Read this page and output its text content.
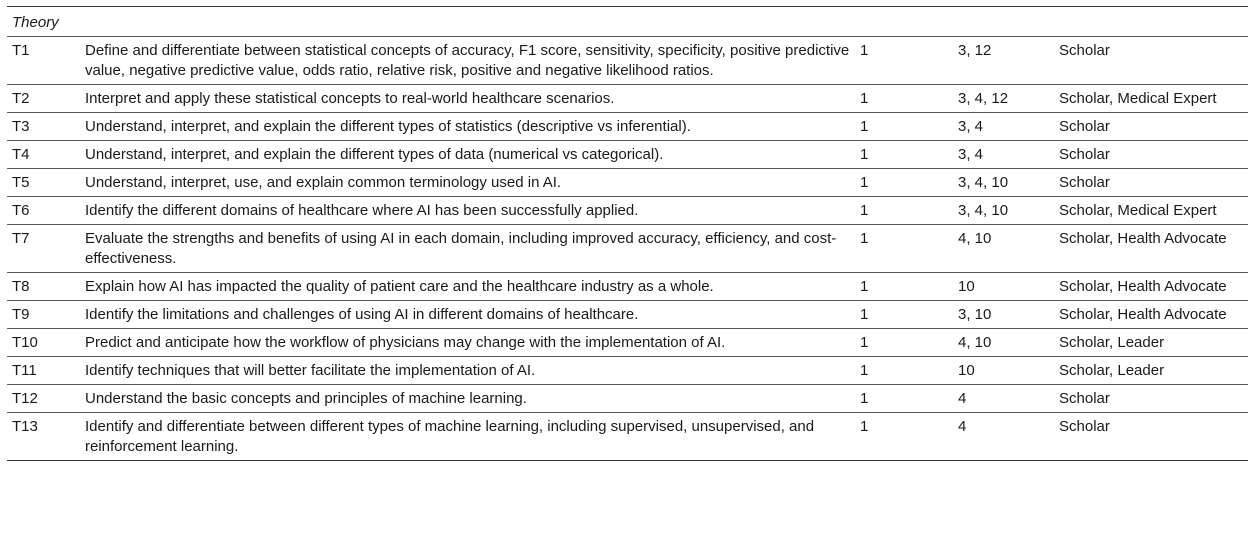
Theory				
T1	Define and differentiate between statistical concepts of accuracy, F1 score, sensitivity, specificity, positive predictive value, negative predictive value, odds ratio, relative risk, positive and negative likelihood ratios.	1	3, 12	Scholar
T2	Interpret and apply these statistical concepts to real-world healthcare scenarios.	1	3, 4, 12	Scholar, Medical Expert
T3	Understand, interpret, and explain the different types of statistics (descriptive vs inferential).	1	3, 4	Scholar
T4	Understand, interpret, and explain the different types of data (numerical vs categorical).	1	3, 4	Scholar
T5	Understand, interpret, use, and explain common terminology used in AI.	1	3, 4, 10	Scholar
T6	Identify the different domains of healthcare where AI has been successfully applied.	1	3, 4, 10	Scholar, Medical Expert
T7	Evaluate the strengths and benefits of using AI in each domain, including improved accuracy, efficiency, and cost-effectiveness.	1	4, 10	Scholar, Health Advocate
T8	Explain how AI has impacted the quality of patient care and the healthcare industry as a whole.	1	10	Scholar, Health Advocate
T9	Identify the limitations and challenges of using AI in different domains of healthcare.	1	3, 10	Scholar, Health Advocate
T10	Predict and anticipate how the workflow of physicians may change with the implementation of AI.	1	4, 10	Scholar, Leader
T11	Identify techniques that will better facilitate the implementation of AI.	1	10	Scholar, Leader
T12	Understand the basic concepts and principles of machine learning.	1	4	Scholar
T13	Identify and differentiate between different types of machine learning, including supervised, unsupervised, and reinforcement learning.	1	4	Scholar
